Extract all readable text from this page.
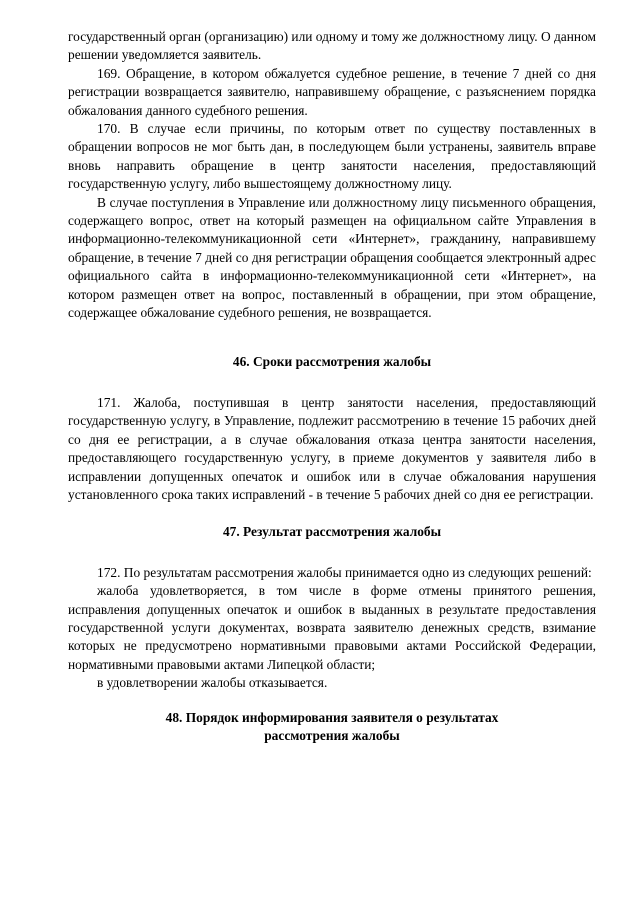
государственный орган (организацию) или одному и тому же должностному лицу. О данном решении уведомляется заявитель.

169. Обращение, в котором обжалуется судебное решение, в течение 7 дней со дня регистрации возвращается заявителю, направившему обращение, с разъяснением порядка обжалования данного судебного решения.

170. В случае если причины, по которым ответ по существу поставленных в обращении вопросов не мог быть дан, в последующем были устранены, заявитель вправе вновь направить обращение в центр занятости населения, предоставляющий государственную услугу, либо вышестоящему должностному лицу.

В случае поступления в Управление или должностному лицу письменного обращения, содержащего вопрос, ответ на который размещен на официальном сайте Управления в информационно-телекоммуникационной сети «Интернет», гражданину, направившему обращение, в течение 7 дней со дня регистрации обращения сообщается электронный адрес официального сайта в информационно-телекоммуникационной сети «Интернет», на котором размещен ответ на вопрос, поставленный в обращении, при этом обращение, содержащее обжалование судебного решения, не возвращается.

46. Сроки рассмотрения жалобы

171. Жалоба, поступившая в центр занятости населения, предоставляющий государственную услугу, в Управление, подлежит рассмотрению в течение 15 рабочих дней со дня ее регистрации, а в случае обжалования отказа центра занятости населения, предоставляющего государственную услугу, в приеме документов у заявителя либо в исправлении допущенных опечаток и ошибок или в случае обжалования нарушения установленного срока таких исправлений - в течение 5 рабочих дней со дня ее регистрации.

47. Результат рассмотрения жалобы

172. По результатам рассмотрения жалобы принимается одно из следующих решений:

жалоба удовлетворяется, в том числе в форме отмены принятого решения, исправления допущенных опечаток и ошибок в выданных в результате предоставления государственной услуги документах, возврата заявителю денежных средств, взимание которых не предусмотрено нормативными правовыми актами Российской Федерации, нормативными правовыми актами Липецкой области;

в удовлетворении жалобы отказывается.

48. Порядок информирования заявителя о результатах

рассмотрения жалобы
